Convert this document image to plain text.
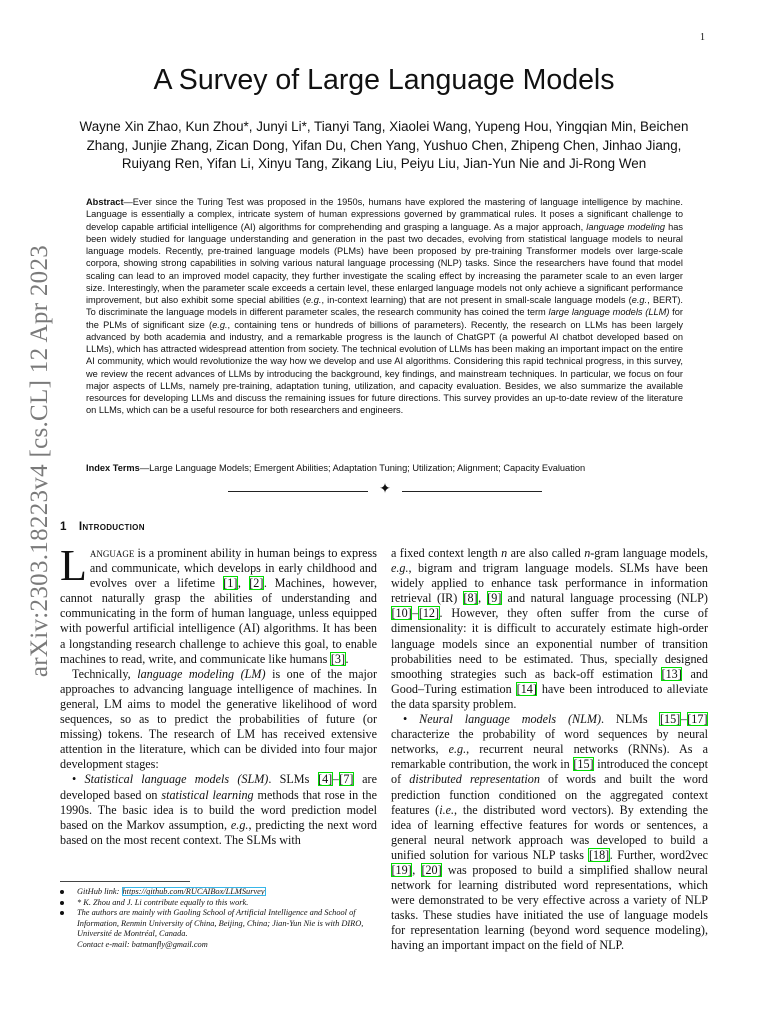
1
arXiv:2303.18223v4 [cs.CL] 12 Apr 2023
A Survey of Large Language Models
Wayne Xin Zhao, Kun Zhou*, Junyi Li*, Tianyi Tang, Xiaolei Wang, Yupeng Hou, Yingqian Min, Beichen
Zhang, Junjie Zhang, Zican Dong, Yifan Du, Chen Yang, Yushuo Chen, Zhipeng Chen, Jinhao Jiang,
Ruiyang Ren, Yifan Li, Xinyu Tang, Zikang Liu, Peiyu Liu, Jian-Yun Nie and Ji-Rong Wen
Abstract—Ever since the Turing Test was proposed in the 1950s, humans have explored the mastering of language intelligence by machine. Language is essentially a complex, intricate system of human expressions governed by grammatical rules. It poses a significant challenge to develop capable artificial intelligence (AI) algorithms for comprehending and grasping a language. As a major approach, language modeling has been widely studied for language understanding and generation in the past two decades, evolving from statistical language models to neural language models. Recently, pre-trained language models (PLMs) have been proposed by pre-training Transformer models over large-scale corpora, showing strong capabilities in solving various natural language processing (NLP) tasks. Since the researchers have found that model scaling can lead to an improved model capacity, they further investigate the scaling effect by increasing the parameter scale to an even larger size. Interestingly, when the parameter scale exceeds a certain level, these enlarged language models not only achieve a significant performance improvement, but also exhibit some special abilities (e.g., in-context learning) that are not present in small-scale language models (e.g., BERT). To discriminate the language models in different parameter scales, the research community has coined the term large language models (LLM) for the PLMs of significant size (e.g., containing tens or hundreds of billions of parameters). Recently, the research on LLMs has been largely advanced by both academia and industry, and a remarkable progress is the launch of ChatGPT (a powerful AI chatbot developed based on LLMs), which has attracted widespread attention from society. The technical evolution of LLMs has been making an important impact on the entire AI community, which would revolutionize the way how we develop and use AI algorithms. Considering this rapid technical progress, in this survey, we review the recent advances of LLMs by introducing the background, key findings, and mainstream techniques. In particular, we focus on four major aspects of LLMs, namely pre-training, adaptation tuning, utilization, and capacity evaluation. Besides, we also summarize the available resources for developing LLMs and discuss the remaining issues for future directions. This survey provides an up-to-date review of the literature on LLMs, which can be a useful resource for both researchers and engineers.
Index Terms—Large Language Models; Emergent Abilities; Adaptation Tuning; Utilization; Alignment; Capacity Evaluation
✦
1 Introduction

Language is a prominent ability in human beings to express and communicate, which develops in early childhood and evolves over a lifetime [1], [2]. Machines, however, cannot naturally grasp the abilities of understanding and communicating in the form of human language, unless equipped with powerful artificial intelligence (AI) algorithms. It has been a longstanding research challenge to achieve this goal, to enable machines to read, write, and communicate like humans [3].

Technically, language modeling (LM) is one of the major approaches to advancing language intelligence of machines. In general, LM aims to model the generative likelihood of word sequences, so as to predict the probabilities of future (or missing) tokens. The research of LM has received extensive attention in the literature, which can be divided into four major development stages:

• Statistical language models (SLM). SLMs [4]–[7] are developed based on statistical learning methods that rose in the 1990s. The basic idea is to build the word prediction model based on the Markov assumption, e.g., predicting the next word based on the most recent context. The SLMs with

a fixed context length n are also called n-gram language models, e.g., bigram and trigram language models. SLMs have been widely applied to enhance task performance in information retrieval (IR) [8], [9] and natural language processing (NLP) [10]–[12]. However, they often suffer from the curse of dimensionality: it is difficult to accurately estimate high-order language models since an exponential number of transition probabilities need to be estimated. Thus, specially designed smoothing strategies such as back-off estimation [13] and Good–Turing estimation [14] have been introduced to alleviate the data sparsity problem.

• Neural language models (NLM). NLMs [15]–[17] characterize the probability of word sequences by neural networks, e.g., recurrent neural networks (RNNs). As a remarkable contribution, the work in [15] introduced the concept of distributed representation of words and built the word prediction function conditioned on the aggregated context features (i.e., the distributed word vectors). By extending the idea of learning effective features for words or sentences, a general neural network approach was developed to build a unified solution for various NLP tasks [18]. Further, word2vec [19], [20] was proposed to build a simplified shallow neural network for learning distributed word representations, which were demonstrated to be very effective across a variety of NLP tasks. These studies have initiated the use of language models for representation learning (beyond word sequence modeling), having an important impact on the field of NLP.

GitHub link: https://github.com/RUCAIBox/LLMSurvey
* K. Zhou and J. Li contribute equally to this work.
The authors are mainly with Gaoling School of Artificial Intelligence and School of Information, Renmin University of China, Beijing, China; Jian-Yun Nie is with DIRO, Université de Montréal, Canada.
Contact e-mail: batmanfly@gmail.com
